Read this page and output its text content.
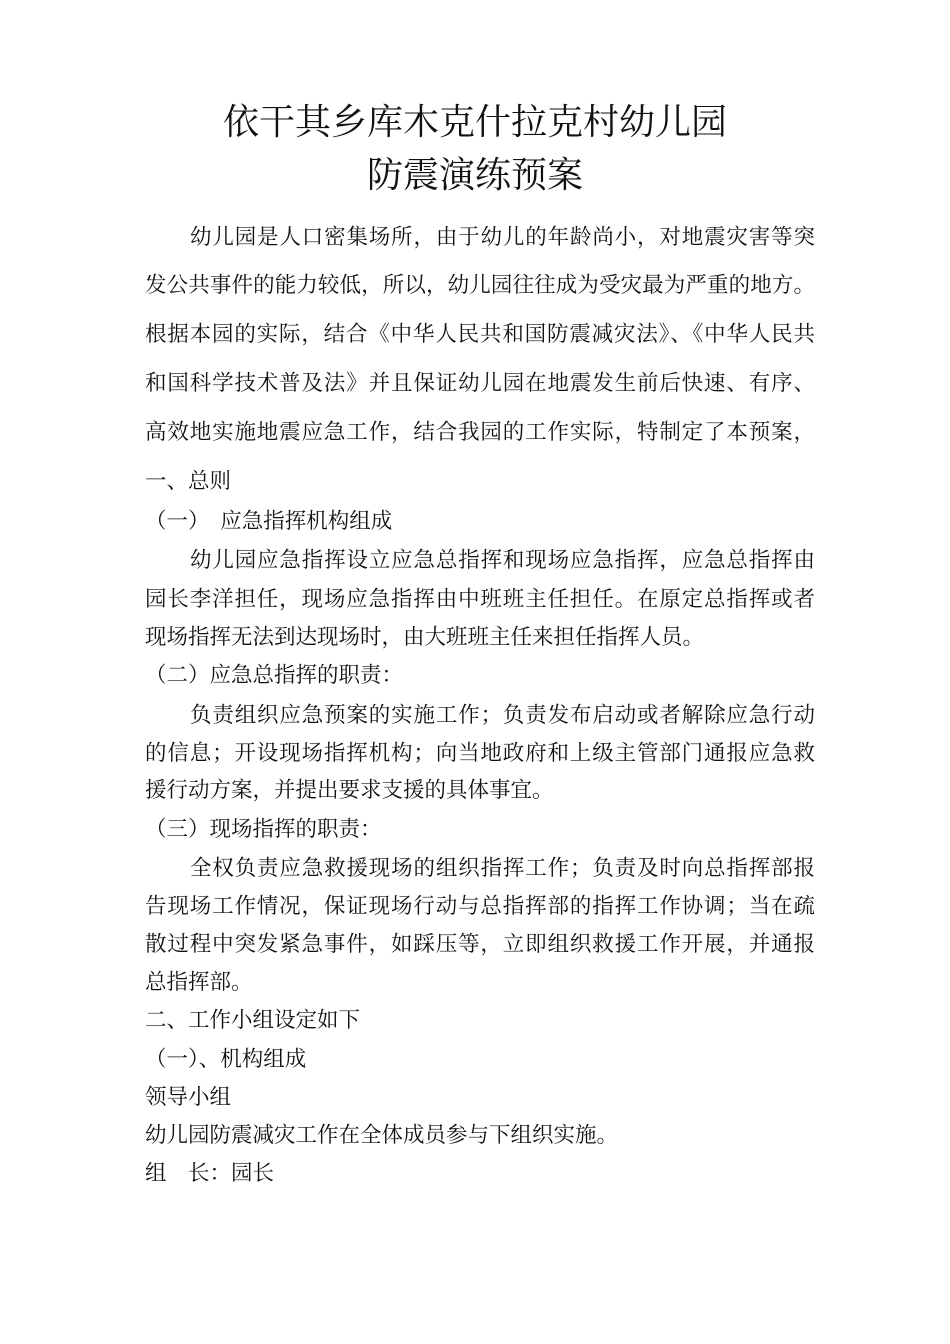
依干其乡库木克什拉克村幼儿园
防震演练预案
幼儿园是人口密集场所，由于幼儿的年龄尚小，对地震灾害等突
发公共事件的能力较低，所以，幼儿园往往成为受灾最为严重的地方。
根据本园的实际，结合《中华人民共和国防震减灾法》、《中华人民共
和国科学技术普及法》并且保证幼儿园在地震发生前后快速、有序、
高效地实施地震应急工作，结合我园的工作实际，特制定了本预案，
一、总则
（一）　应急指挥机构组成
幼儿园应急指挥设立应急总指挥和现场应急指挥，应急总指挥由
园长李洋担任，现场应急指挥由中班班主任担任。在原定总指挥或者
现场指挥无法到达现场时，由大班班主任来担任指挥人员。
（二）应急总指挥的职责：
负责组织应急预案的实施工作；负责发布启动或者解除应急行动
的信息；开设现场指挥机构；向当地政府和上级主管部门通报应急救
援行动方案，并提出要求支援的具体事宜。
（三）现场指挥的职责：
全权负责应急救援现场的组织指挥工作；负责及时向总指挥部报
告现场工作情况，保证现场行动与总指挥部的指挥工作协调；当在疏
散过程中突发紧急事件，如踩压等，立即组织救援工作开展，并通报
总指挥部。
二、工作小组设定如下
（一）、机构组成
领导小组
幼儿园防震减灾工作在全体成员参与下组织实施。
组　长：园长
